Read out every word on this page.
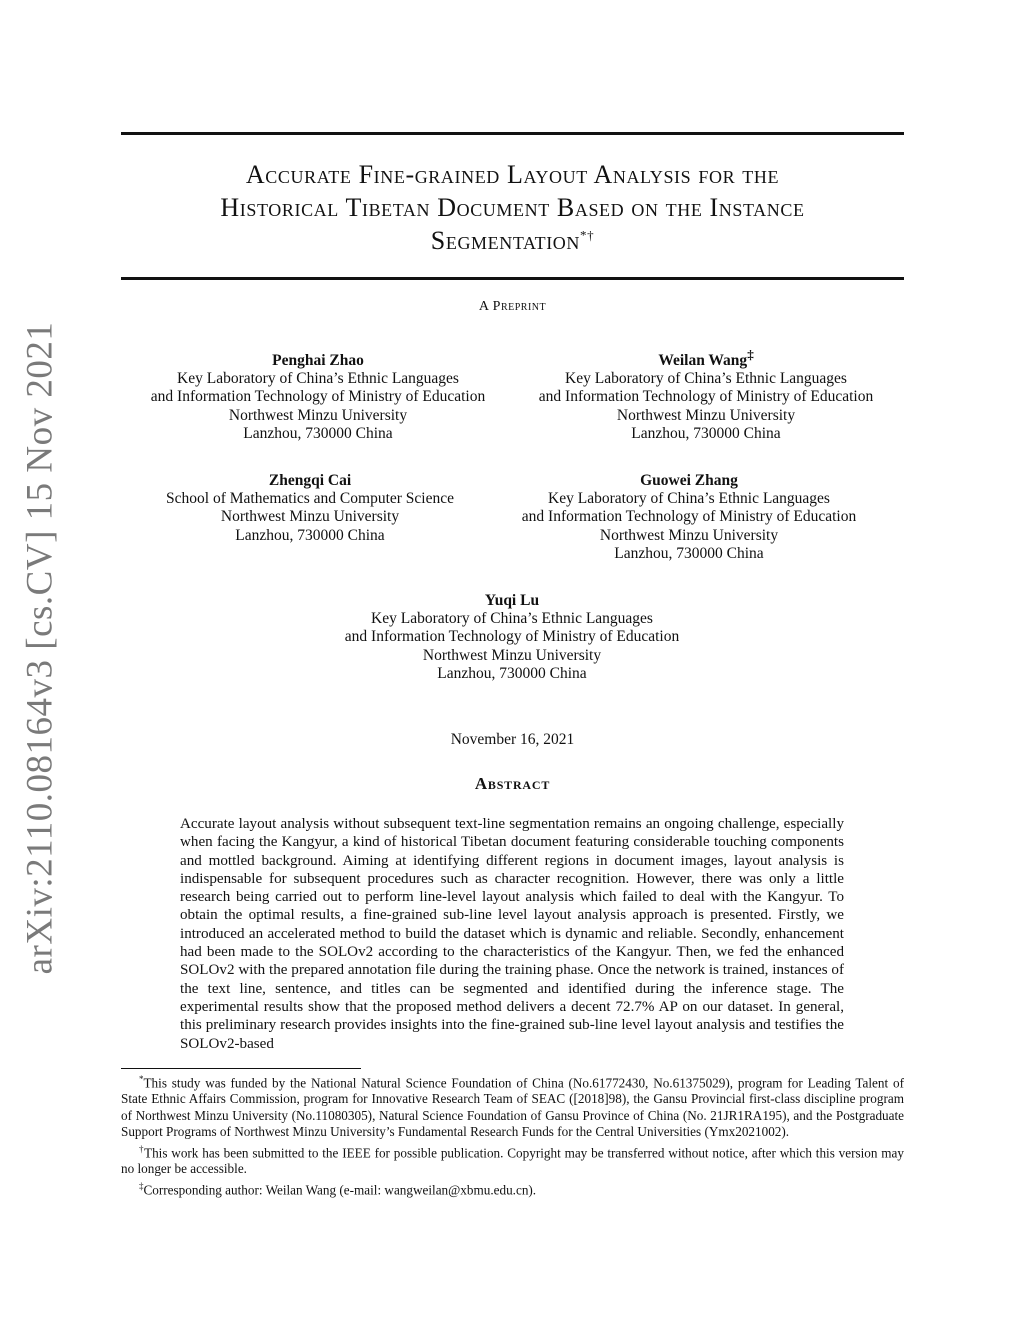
arXiv:2110.08164v3 [cs.CV] 15 Nov 2021
Accurate Fine-grained Layout Analysis for the
Historical Tibetan Document Based on the Instance
Segmentation*†
A Preprint
Penghai Zhao
Key Laboratory of China’s Ethnic Languages
and Information Technology of Ministry of Education
Northwest Minzu University
Lanzhou, 730000 China
Weilan Wang‡
Key Laboratory of China’s Ethnic Languages
and Information Technology of Ministry of Education
Northwest Minzu University
Lanzhou, 730000 China
Zhengqi Cai
School of Mathematics and Computer Science
Northwest Minzu University
Lanzhou, 730000 China
Guowei Zhang
Key Laboratory of China’s Ethnic Languages
and Information Technology of Ministry of Education
Northwest Minzu University
Lanzhou, 730000 China
Yuqi Lu
Key Laboratory of China’s Ethnic Languages
and Information Technology of Ministry of Education
Northwest Minzu University
Lanzhou, 730000 China
November 16, 2021
Abstract
Accurate layout analysis without subsequent text-line segmentation remains an ongoing challenge, especially when facing the Kangyur, a kind of historical Tibetan document featuring considerable touching components and mottled background. Aiming at identifying different regions in document images, layout analysis is indispensable for subsequent procedures such as character recognition. However, there was only a little research being carried out to perform line-level layout analysis which failed to deal with the Kangyur. To obtain the optimal results, a fine-grained sub-line level layout analysis approach is presented. Firstly, we introduced an accelerated method to build the dataset which is dynamic and reliable. Secondly, enhancement had been made to the SOLOv2 according to the characteristics of the Kangyur. Then, we fed the enhanced SOLOv2 with the prepared annotation file during the training phase. Once the network is trained, instances of the text line, sentence, and titles can be segmented and identified during the inference stage. The experimental results show that the proposed method delivers a decent 72.7% AP on our dataset. In general, this preliminary research provides insights into the fine-grained sub-line level layout analysis and testifies the SOLOv2-based

*This study was funded by the National Natural Science Foundation of China (No.61772430, No.61375029), program for Leading Talent of State Ethnic Affairs Commission, program for Innovative Research Team of SEAC ([2018]98), the Gansu Provincial first-class discipline program of Northwest Minzu University (No.11080305), Natural Science Foundation of Gansu Province of China (No. 21JR1RA195), and the Postgraduate Support Programs of Northwest Minzu University’s Fundamental Research Funds for the Central Universities (Ymx2021002).

†This work has been submitted to the IEEE for possible publication. Copyright may be transferred without notice, after which this version may no longer be accessible.

‡Corresponding author: Weilan Wang (e-mail: wangweilan@xbmu.edu.cn).
